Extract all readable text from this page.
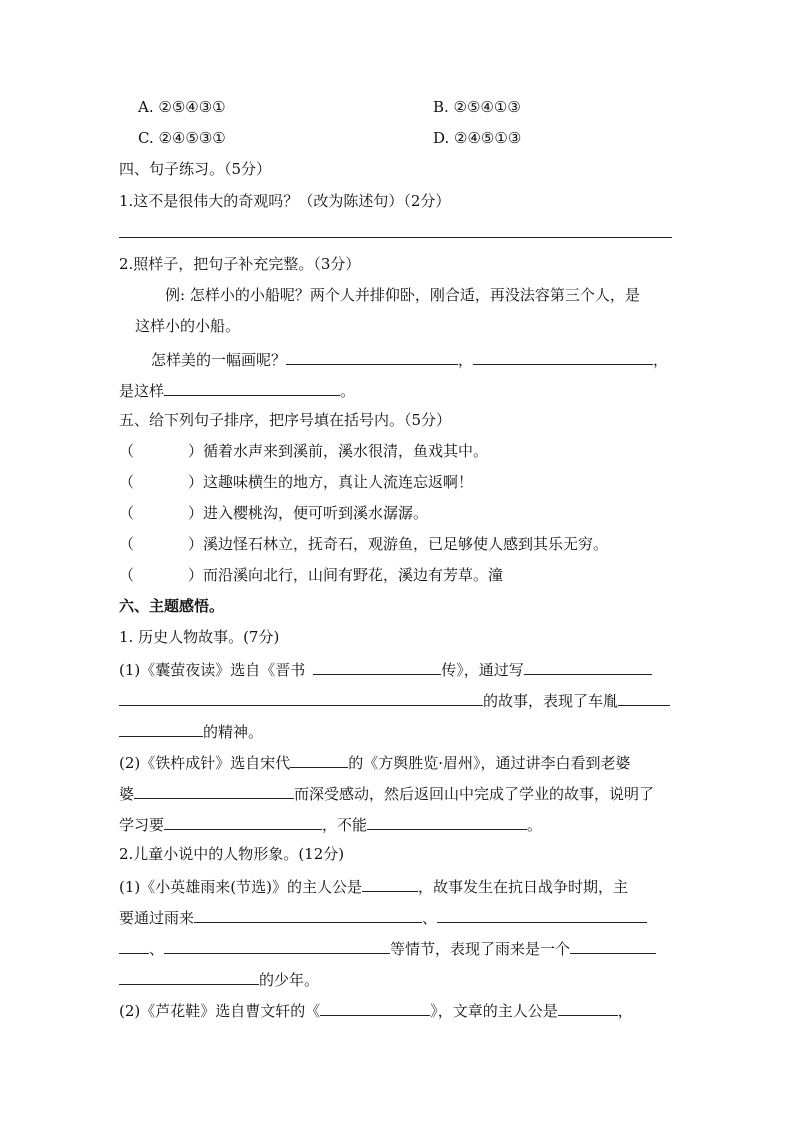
A. ②⑤④③①	B. ②⑤④①③
C. ②④⑤③①	D. ②④⑤①③
四、句子练习。（5分）
1.这不是很伟大的奇观吗？（改为陈述句）（2分）
2.照样子，把句子补充完整。（3分）
例: 怎样小的小船呢？两个人并排仰卧，刚合适，再没法容第三个人，是
这样小的小船。
怎样美的一幅画呢？	，	，
是这样	。
五、给下列句子排序，把序号填在括号内。（5分）
（	）循着水声来到溪前，溪水很清，鱼戏其中。
（	）这趣味横生的地方，真让人流连忘返啊！
（	）进入樱桃沟，便可听到溪水潺潺。
（	）溪边怪石林立，抚奇石，观游鱼，已足够使人感到其乐无穷。
（	）而沿溪向北行，山间有野花，溪边有芳草。潼
六、主题感悟。
1. 历史人物故事。(7分)
(1)《囊萤夜读》选自《晋书	传》，通过写
的故事，表现了车胤
的精神。
(2)《铁杵成针》选自宋代	的《方舆胜览·眉州》，通过讲李白看到老婆
婆	而深受感动，然后返回山中完成了学业的故事，说明了
学习要	，不能	。
2.儿童小说中的人物形象。(12分)
(1)《小英雄雨来(节选)》的主人公是	，故事发生在抗日战争时期，主
要通过雨来	、
、	等情节，表现了雨来是一个
的少年。
(2)《芦花鞋》选自曹文轩的《	》，文章的主人公是	，
